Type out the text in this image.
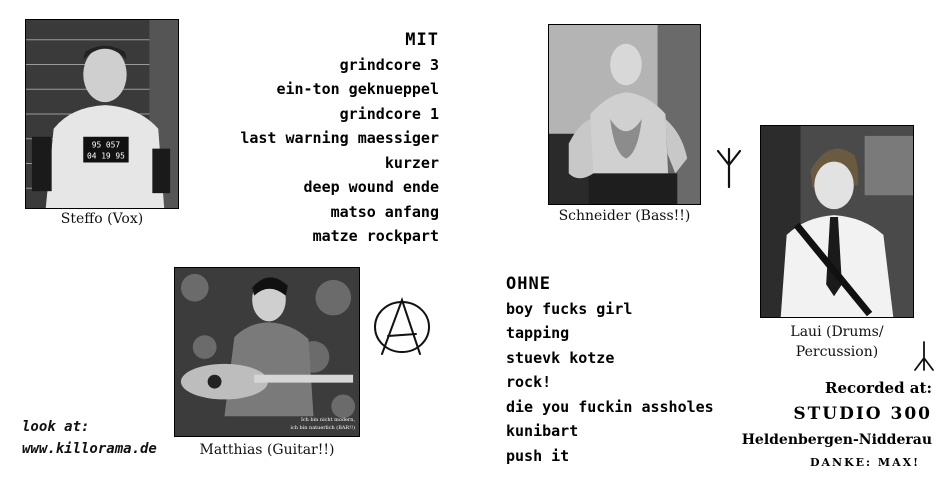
95 057
04 19 95
Steffo (Vox)
MIT
grindcore 3
ein-ton geknueppel
grindcore 1
last warning maessiger
kurzer
deep wound ende
matso anfang
matze rockpart
Schneider (Bass!!)
Laui (Drums/
Percussion)
Ich bin nicht modern,
ich bin natuerlich (BAR!!)
Matthias (Guitar!!)
OHNE
boy fucks girl
tapping
stuevk kotze
rock!
die you fuckin assholes
kunibart
push it
look at:
www.killorama.de
Recorded at:
STUDIO 300
Heldenbergen-Nidderau
DANKE: MAX!
